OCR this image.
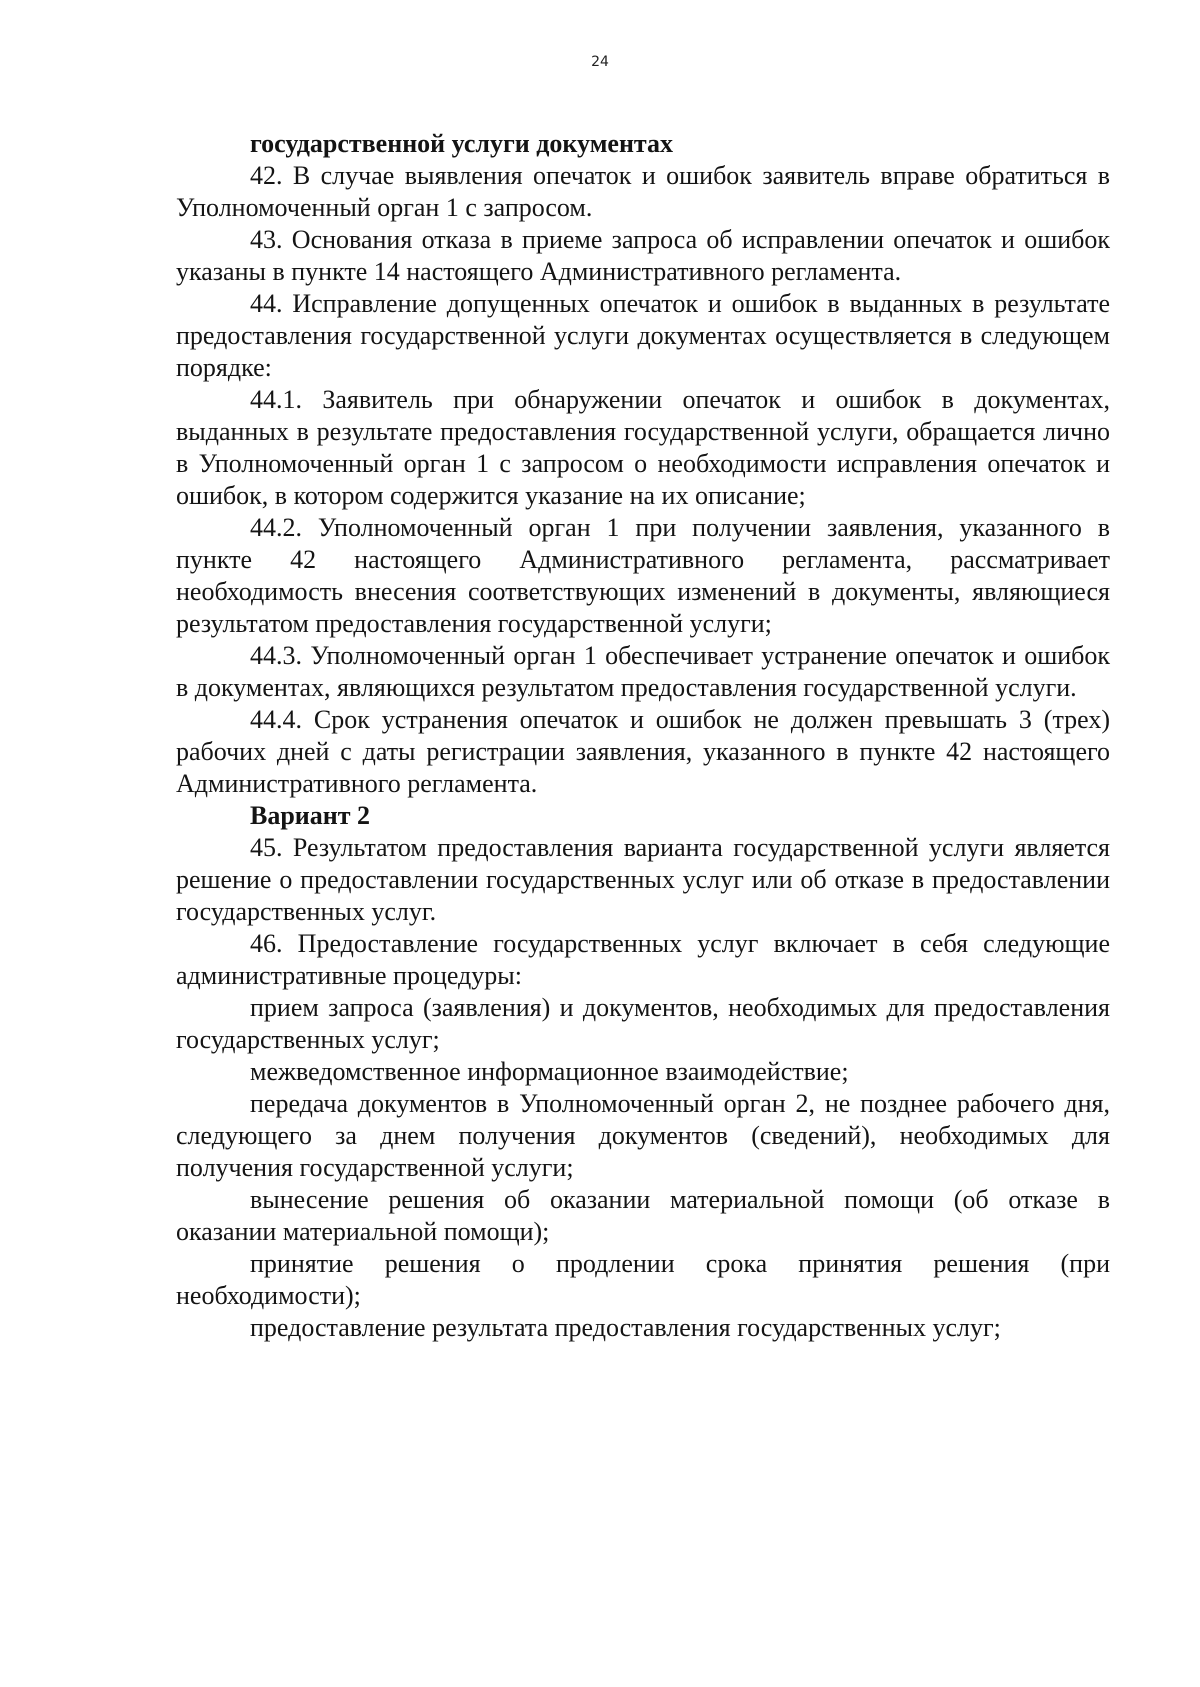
24

государственной услуги документах

42. В случае выявления опечаток и ошибок заявитель вправе обратиться в Уполномоченный орган 1 с запросом.

43. Основания отказа в приеме запроса об исправлении опечаток и ошибок указаны в пункте 14 настоящего Административного регламента.

44. Исправление допущенных опечаток и ошибок в выданных в результате предоставления государственной услуги документах осуществляется в следующем порядке:

44.1. Заявитель при обнаружении опечаток и ошибок в документах, выданных в результате предоставления государственной услуги, обращается лично в Уполномоченный орган 1 с запросом о необходимости исправления опечаток и ошибок, в котором содержится указание на их описание;

44.2. Уполномоченный орган 1 при получении заявления, указанного в пункте 42 настоящего Административного регламента, рассматривает необходимость внесения соответствующих изменений в документы, являющиеся результатом предоставления государственной услуги;

44.3. Уполномоченный орган 1 обеспечивает устранение опечаток и ошибок в документах, являющихся результатом предоставления государственной услуги.

44.4. Срок устранения опечаток и ошибок не должен превышать 3 (трех) рабочих дней с даты регистрации заявления, указанного в пункте 42 настоящего Административного регламента.

Вариант 2

45. Результатом предоставления варианта государственной услуги является решение о предоставлении государственных услуг или об отказе в предоставлении государственных услуг.

46. Предоставление государственных услуг включает в себя следующие административные процедуры:

прием запроса (заявления) и документов, необходимых для предоставления государственных услуг;

межведомственное информационное взаимодействие;

передача документов в Уполномоченный орган 2, не позднее рабочего дня, следующего за днем получения документов (сведений), необходимых для получения государственной услуги;

вынесение решения об оказании материальной помощи (об отказе в оказании материальной помощи);

принятие решения о продлении срока принятия решения (при необходимости);

предоставление результата предоставления государственных услуг;
